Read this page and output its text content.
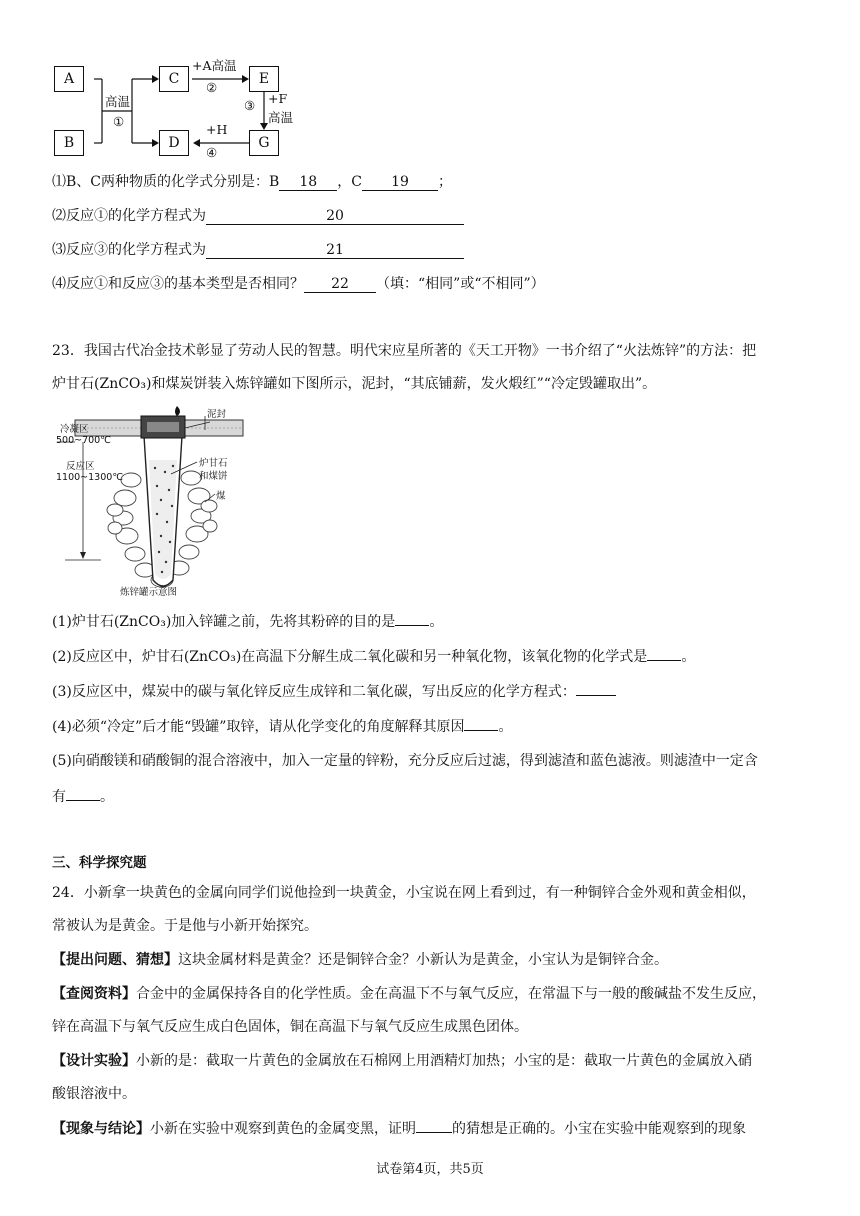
A
B
C
D
E
G
高温
①
+A高温
②
③ +F
高温
+H
④
⑴B、C两种物质的化学式分别是：B 18 ，C 19 ；
⑵反应①的化学方程式为	20
⑶反应③的化学方程式为	21
⑷反应①和反应③的基本类型是否相同？ 22 （填：“相同”或“不相同”）
23．我国古代冶金技术彰显了劳动人民的智慧。明代宋应星所著的《天工开物》一书介绍了“火法炼锌”的方法：把
炉甘石(ZnCO₃)和煤炭饼装入炼锌罐如下图所示，泥封，“其底铺薪，发火煅红”“冷定毁罐取出”。
泥封
冷凝区
500~700℃
反应区
1100~1300℃
炉甘石
和煤饼
煤
炼锌罐示意图
(1)炉甘石(ZnCO₃)加入锌罐之前，先将其粉碎的目的是 。
(2)反应区中，炉甘石(ZnCO₃)在高温下分解生成二氧化碳和另一种氧化物，该氧化物的化学式是 。
(3)反应区中，煤炭中的碳与氧化锌反应生成锌和二氧化碳，写出反应的化学方程式：
(4)必须“冷定”后才能“毁罐”取锌，请从化学变化的角度解释其原因 。
(5)向硝酸镁和硝酸铜的混合溶液中，加入一定量的锌粉，充分反应后过滤，得到滤渣和蓝色滤液。则滤渣中一定含
有 。
三、科学探究题
24．小新拿一块黄色的金属向同学们说他捡到一块黄金，小宝说在网上看到过，有一种铜锌合金外观和黄金相似，
常被认为是黄金。于是他与小新开始探究。
【提出问题、猜想】这块金属材料是黄金？还是铜锌合金？小新认为是黄金，小宝认为是铜锌合金。
【查阅资料】合金中的金属保持各自的化学性质。金在高温下不与氧气反应，在常温下与一般的酸碱盐不发生反应，
锌在高温下与氧气反应生成白色固体，铜在高温下与氧气反应生成黑色团体。
【设计实验】小新的是：截取一片黄色的金属放在石棉网上用酒精灯加热；小宝的是：截取一片黄色的金属放入硝
酸银溶液中。
【现象与结论】小新在实验中观察到黄色的金属变黑，证明	的猜想是正确的。小宝在实验中能观察到的现象
试卷第4页，共5页
